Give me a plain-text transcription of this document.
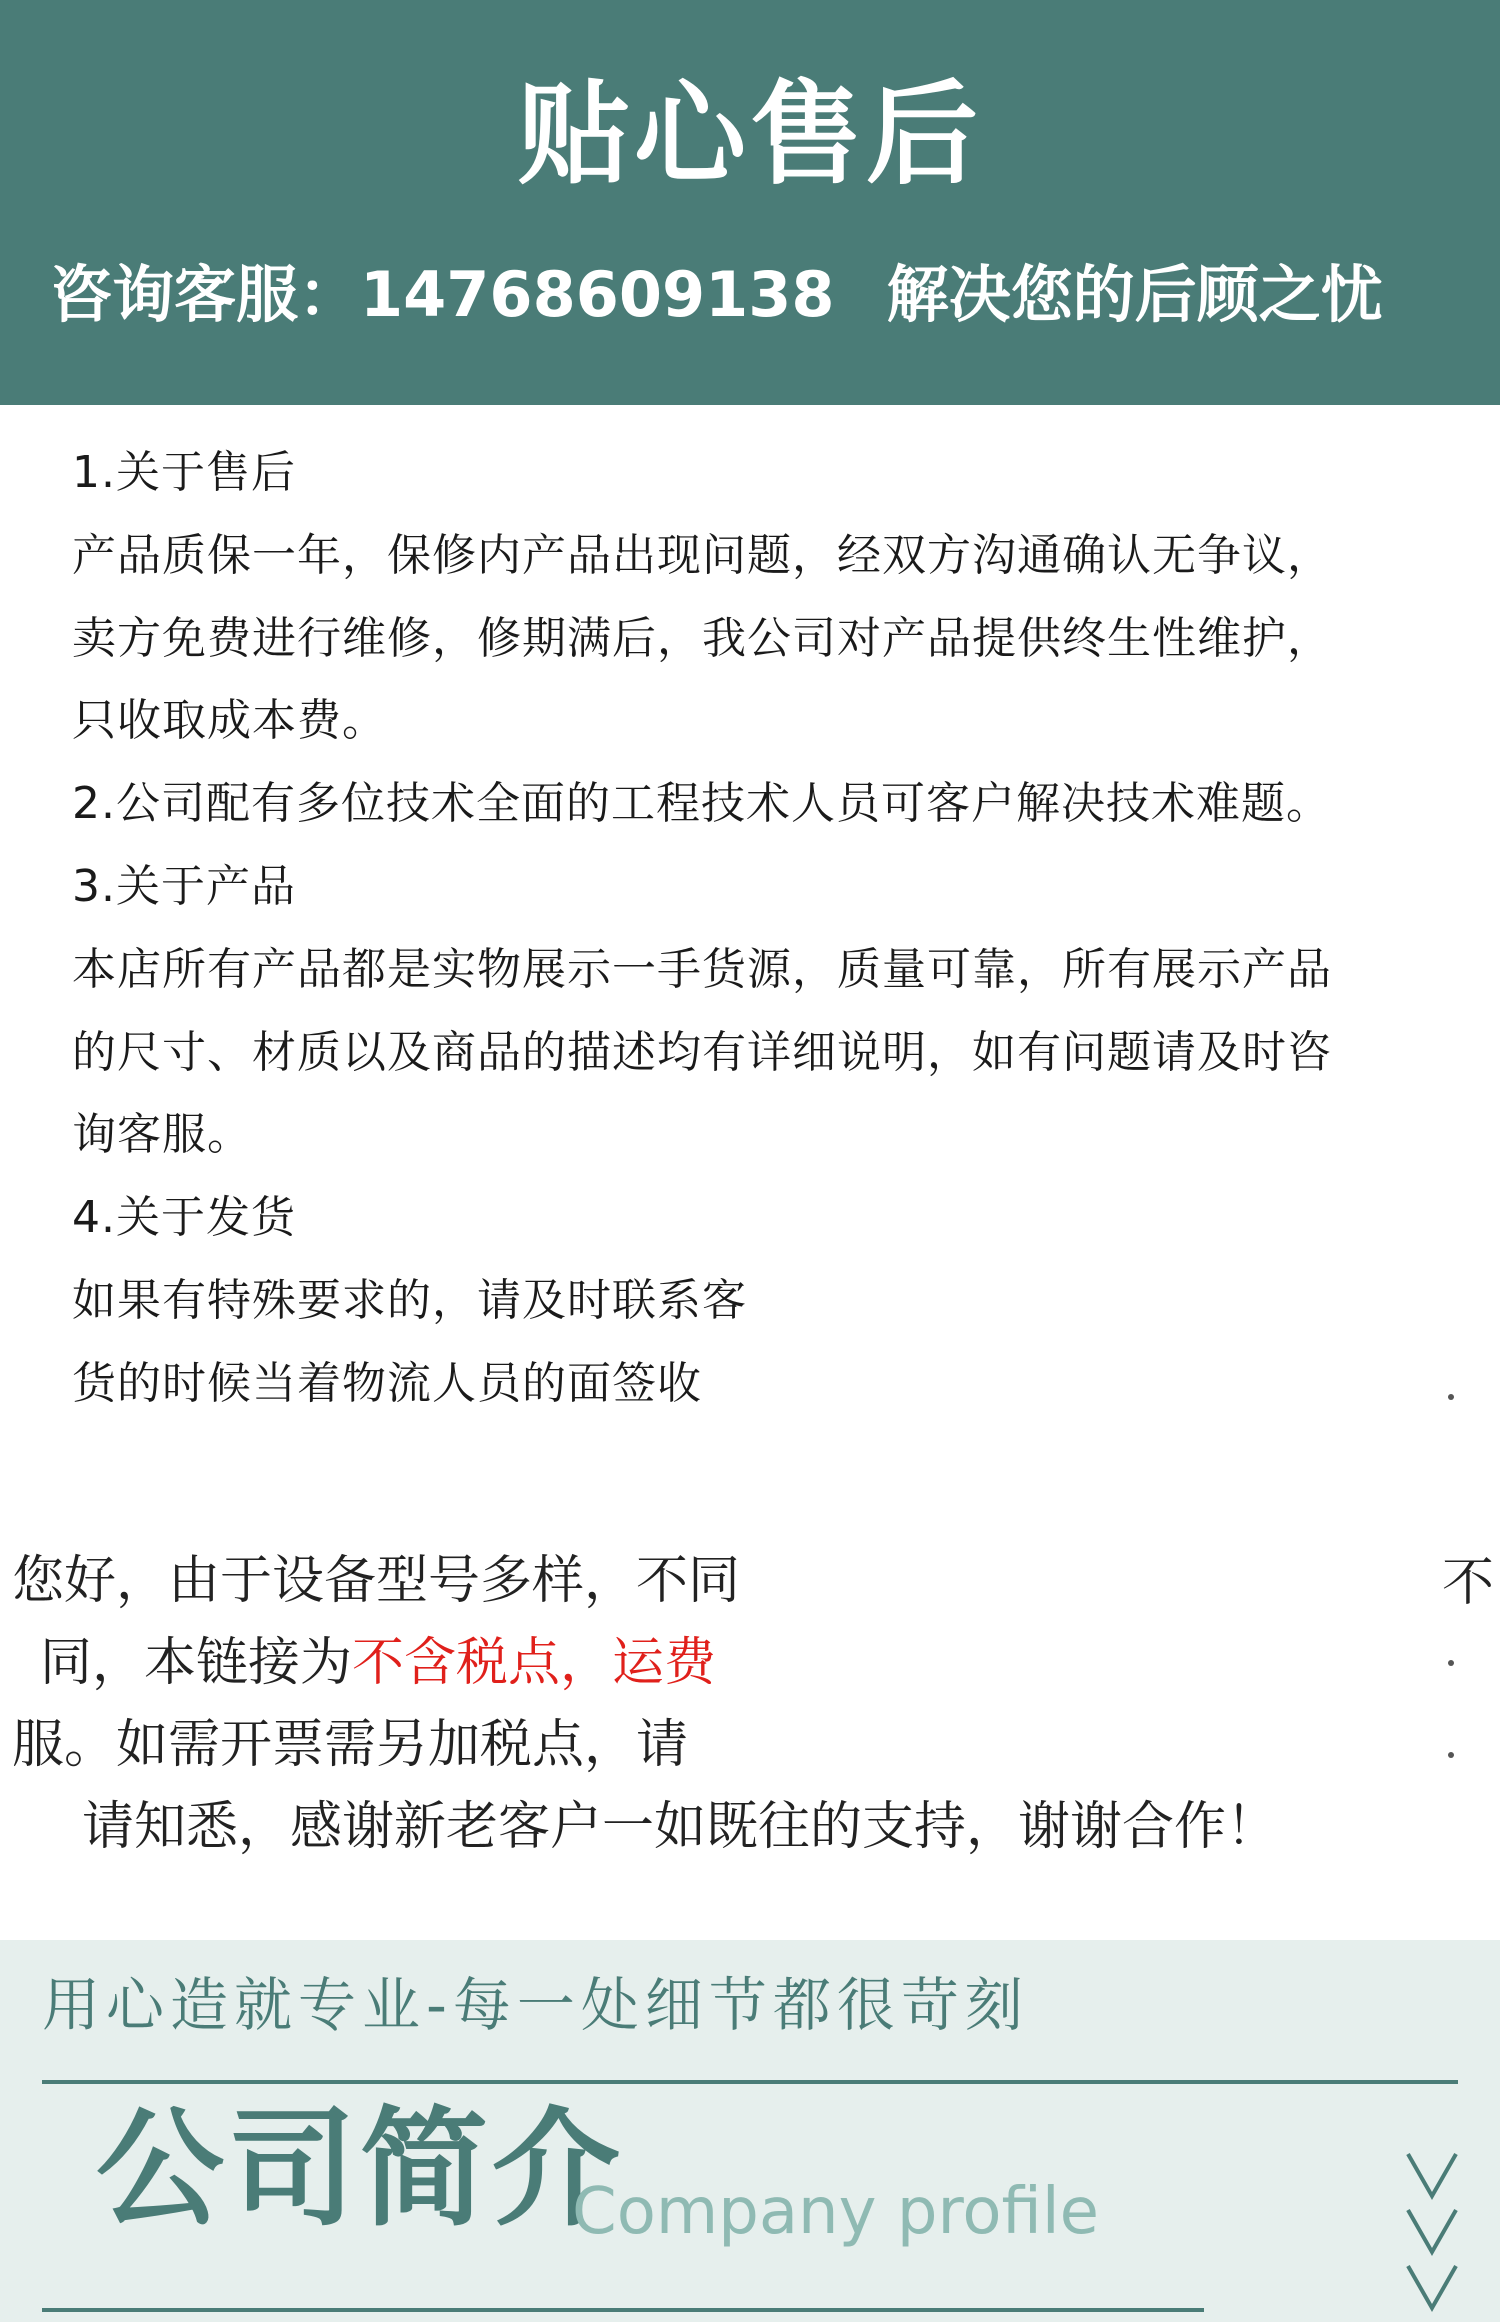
贴心售后
咨询客服：14768609138 解决您的后顾之忧

1.关于售后

产品质保一年，保修内产品出现问题，经双方沟通确认无争议，

卖方免费进行维修，修期满后，我公司对产品提供终生性维护，

只收取成本费。

2.公司配有多位技术全面的工程技术人员可客户解决技术难题。

3.关于产品

本店所有产品都是实物展示一手货源，质量可靠，所有展示产品

的尺寸、材质以及商品的描述均有详细说明，如有问题请及时咨

询客服。

4.关于发货

如果有特殊要求的，请及时联系客

货的时候当着物流人员的面签收

您好，由于设备型号多样，不同
同，本链接为不含税点，运费
服。如需开票需另加税点，请
请知悉，感谢新老客户一如既往的支持，谢谢合作！
不
用心造就专业-每一处细节都很苛刻
公司简介
Company profile
